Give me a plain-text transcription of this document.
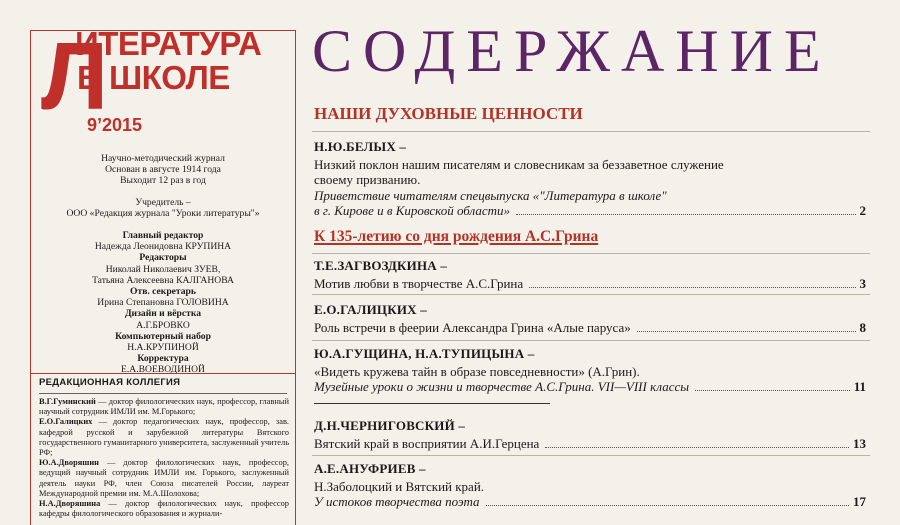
Л
ИТЕРАТУРА
В ШКОЛЕ
9’2015
Научно-методический журнал
Основан в августе 1914 года
Выходит 12 раз в год
Учредитель –
ООО «Редакция журнала "Уроки литературы"»
Главный редактор
Надежда Леонидовна КРУПИНА
Редакторы
Николай Николаевич ЗУЕВ,
Татьяна Алексеевна КАЛГАНОВА
Отв. секретарь
Ирина Степановна ГОЛОВИНА
Дизайн и вёрстка
А.Г.БРОВКО
Компьютерный набор
Н.А.КРУПИНОЙ
Корректура
Е.А.ВОЕВОДИНОЙ
РЕДАКЦИОННАЯ КОЛЛЕГИЯ
В.Г.Гуминский — доктор филологических наук, профессор, главный научный сотрудник ИМЛИ им. М.Горького;
Е.О.Галицких — доктор педагогических наук, профессор, зав. кафедрой русской и зарубежной литературы Вятского государственного гуманитарного университета, заслуженный учитель РФ;
Ю.А.Дворяшин — доктор филологических наук, профессор, ведущий научный сотрудник ИМЛИ им. Горького, заслуженный деятель науки РФ, член Союза писателей России, лауреат Международной премии им. М.А.Шолохова;
Н.А.Дворяшина — доктор филологических наук, профессор кафедры филологического образования и журнали-
СОДЕРЖАНИЕ
НАШИ ДУХОВНЫЕ ЦЕННОСТИ
Н.Ю.БЕЛЫХ –
Низкий поклон нашим писателям и словесникам за беззаветное служение
своему призванию.
Приветствие читателям спецвыпуска «"Литература в школе"
в г. Кирове и в Кировской области»	2
К 135-летию со дня рождения А.С.Грина
Т.Е.ЗАГВОЗДКИНА –
Мотив любви в творчестве А.С.Грина	3
Е.О.ГАЛИЦКИХ –
Роль встречи в феерии Александра Грина «Алые паруса»	8
Ю.А.ГУЩИНА, Н.А.ТУПИЦЫНА –
«Видеть кружева тайн в образе повседневности» (А.Грин).
Музейные уроки о жизни и творчестве А.С.Грина. VII—VIII классы	11
Д.Н.ЧЕРНИГОВСКИЙ –
Вятский край в восприятии А.И.Герцена	13
А.Е.АНУФРИЕВ –
Н.Заболоцкий и Вятский край.
У истоков творчества поэта	17
